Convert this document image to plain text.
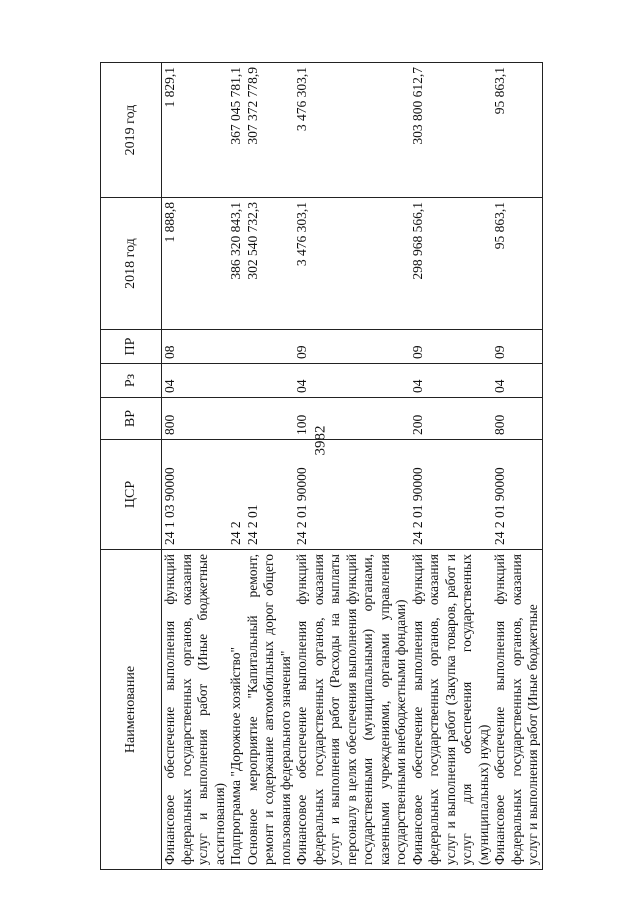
3982
Наименование	ЦСР	ВР	Рз	ПР	2018 год	2019 год
Финансовое обеспечение выполнения функций федеральных государственных органов, оказания услуг и выполнения работ (Иные бюджетные ассигнования)	24 1 03 90000	800	04	08	1 888,8	1 829,1
Подпрограмма "Дорожное хозяйство"	24 2				386 320 843,1	367 045 781,1
Основное мероприятие "Капитальный ремонт, ремонт и содержание автомобильных дорог общего пользования федерального значения"	24 2 01				302 540 732,3	307 372 778,9
Финансовое обеспечение выполнения функций федеральных государственных органов, оказания услуг и выполнения работ (Расходы на выплаты персоналу в целях обеспечения выполнения функций государственными (муниципальными) органами, казенными учреждениями, органами управления государственными внебюджетными фондами)	24 2 01 90000	100	04	09	3 476 303,1	3 476 303,1
Финансовое обеспечение выполнения функций федеральных государственных органов, оказания услуг и выполнения работ (Закупка товаров, работ и услуг для обеспечения государственных (муниципальных) нужд)	24 2 01 90000	200	04	09	298 968 566,1	303 800 612,7
Финансовое обеспечение выполнения функций федеральных государственных органов, оказания услуг и выполнения работ (Иные бюджетные	24 2 01 90000	800	04	09	95 863,1	95 863,1
